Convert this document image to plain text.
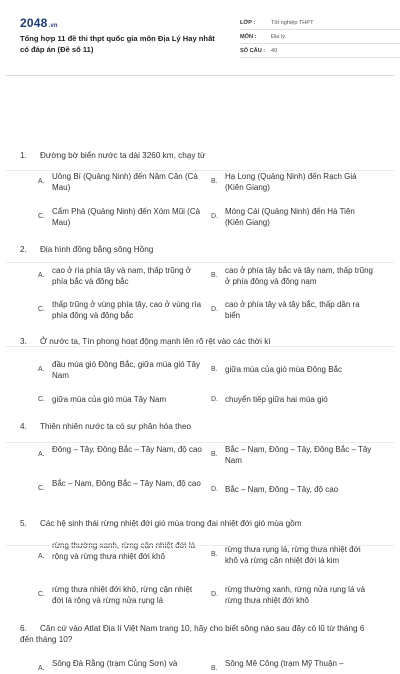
2048.vn
Tổng hợp 11 đề thi thpt quốc gia môn Địa Lý Hay nhất có đáp án (Đề số 11)
LỚP :	Tốt nghiệp THPT
MÔN :	Địa lý
SỐ CÂU :	40
1. Đường bờ biển nước ta dài 3260 km, chạy từ
A.
Uông Bí (Quảng Ninh) đến Năm Căn (Cà Mau)
B.
Hạ Long (Quảng Ninh) đến Rạch Giá (Kiên Giang)
C.
Cẩm Phả (Quảng Ninh) đến Xóm Mũi (Cà Mau)
D.
Móng Cái (Quảng Ninh) đến Hà Tiên (Kiên Giang)
2. Địa hình đồng bằng sông Hồng
A.
cao ở rìa phía tây và nam, thấp trũng ở phía bắc và đông bắc
B.
cao ở phía tây bắc và tây nam, thấp trũng ở phía đông và đông nam
C.
thấp trũng ở vùng phía tây, cao ở vùng rìa phía đông và đông bắc
D.
cao ở phía tây và tây bắc, thấp dần ra biển
3. Ở nước ta, Tín phong hoạt động mạnh lên rõ rệt vào các thời kì
A.
đầu mùa gió Đông Bắc, giữa mùa gió Tây Nam
B. giữa mùa của gió mùa Đông Bắc
C. giữa mùa của gió mùa Tây Nam	D. chuyển tiếp giữa hai mùa gió
4. Thiên nhiên nước ta có sự phân hóa theo
A.
Đông – Tây, Đông Bắc – Tây Nam, độ cao
B.
Bắc – Nam, Đông – Tây, Đông Bắc – Tây Nam
C.
Bắc – Nam, Đông Bắc – Tây Nam, độ cao
D. Bắc – Nam, Đông – Tây, độ cao
5. Các hệ sinh thái rừng nhiệt đới gió mùa trong đai nhiệt đới gió mùa gồm
A.
rừng thường xanh, rừng cận nhiệt đới lá rộng và rừng thưa nhiệt đới khô	B.
rừng thưa rụng lá, rừng thưa nhiệt đới khô và rừng cận nhiệt đới lá kim
C.
rừng thưa nhiệt đới khô, rừng cận nhiệt đới lá rộng và rừng nửa rụng lá
D.
rừng thường xanh, rừng nửa rụng lá và rừng thưa nhiệt đới khô
6. Căn cứ vào Atlat Địa lí Việt Nam trang 10, hãy cho biết sông nào sau đây có lũ từ tháng 6 đến tháng 10?
A.
Sông Đà Rằng (trạm Củng Sơn) và
B.
Sông Mê Công (trạm Mỹ Thuận –
